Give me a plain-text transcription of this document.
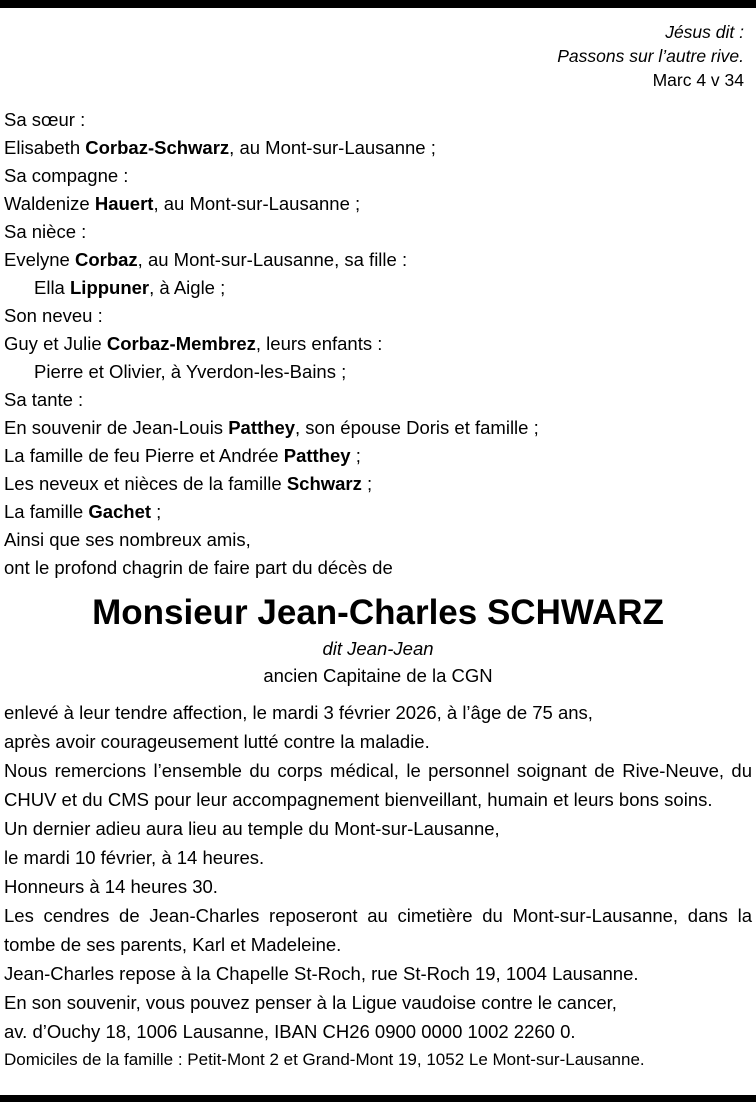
Jésus dit :
Passons sur l’autre rive.
Marc 4 v 34
Sa sœur :
Elisabeth Corbaz-Schwarz, au Mont-sur-Lausanne ;
Sa compagne :
Waldenize Hauert, au Mont-sur-Lausanne ;
Sa nièce :
Evelyne Corbaz, au Mont-sur-Lausanne, sa fille :
Ella Lippuner, à Aigle ;
Son neveu :
Guy et Julie Corbaz-Membrez, leurs enfants :
Pierre et Olivier, à Yverdon-les-Bains ;
Sa tante :
En souvenir de Jean-Louis Patthey, son épouse Doris et famille ;
La famille de feu Pierre et Andrée Patthey ;
Les neveux et nièces de la famille Schwarz ;
La famille Gachet ;
Ainsi que ses nombreux amis,
ont le profond chagrin de faire part du décès de
Monsieur Jean-Charles SCHWARZ
dit Jean-Jean
ancien Capitaine de la CGN
enlevé à leur tendre affection, le mardi 3 février 2026, à l’âge de 75 ans,
après avoir courageusement lutté contre la maladie.
Nous remercions l’ensemble du corps médical, le personnel soignant de Rive-Neuve, du CHUV et du CMS pour leur accompagnement bienveillant, humain et leurs bons soins.
Un dernier adieu aura lieu au temple du Mont-sur-Lausanne,
le mardi 10 février, à 14 heures.
Honneurs à 14 heures 30.
Les cendres de Jean-Charles reposeront au cimetière du Mont-sur-Lausanne, dans la tombe de ses parents, Karl et Madeleine.
Jean-Charles repose à la Chapelle St-Roch, rue St-Roch 19, 1004 Lausanne.
En son souvenir, vous pouvez penser à la Ligue vaudoise contre le cancer,
av. d’Ouchy 18, 1006 Lausanne, IBAN CH26 0900 0000 1002 2260 0.
Domiciles de la famille : Petit-Mont 2 et Grand-Mont 19, 1052 Le Mont-sur-Lausanne.
